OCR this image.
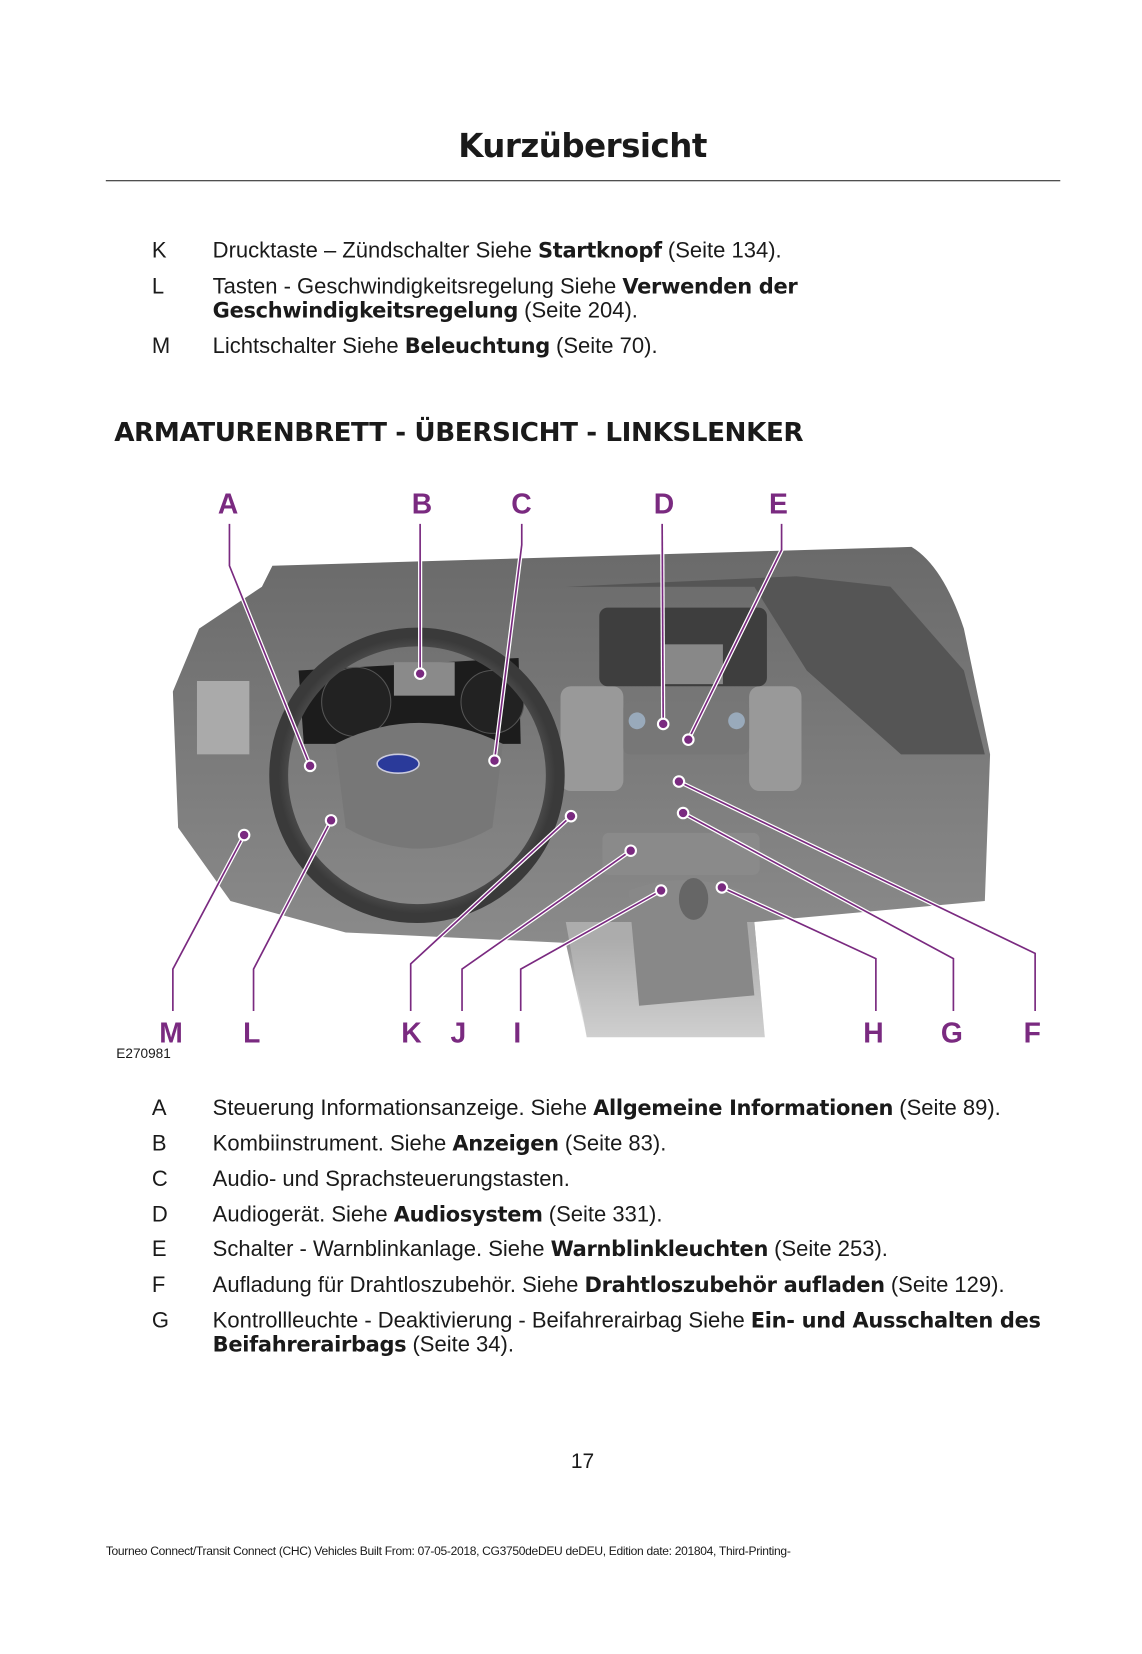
Kurzübersicht
K Drucktaste – Zündschalter Siehe Startknopf (Seite 134).
L	Tasten - Geschwindigkeitsregelung Siehe Verwenden der Geschwindigkeitsregelung (Seite 204).
M Lichtschalter Siehe Beleuchtung (Seite 70).
ARMATURENBRETT - ÜBERSICHT - LINKSLENKER
A	B	C	D	E
F
G
H
I
J
K
L
M
E270981
A Steuerung Informationsanzeige. Siehe Allgemeine Informationen (Seite 89).
B Kombiinstrument. Siehe Anzeigen (Seite 83).
C Audio- und Sprachsteuerungstasten.
D Audiogerät. Siehe Audiosystem (Seite 331).
E Schalter - Warnblinkanlage. Siehe Warnblinkleuchten (Seite 253).
F	Aufladung für Drahtloszubehör. Siehe Drahtloszubehör aufladen (Seite 129).
G Kontrollleuchte - Deaktivierung - Beifahrerairbag Siehe Ein- und Ausschalten des Beifahrerairbags (Seite 34).
17
Tourneo Connect/Transit Connect (CHC) Vehicles Built From: 07-05-2018, CG3750deDEU deDEU, Edition date: 201804, Third-Printing-
